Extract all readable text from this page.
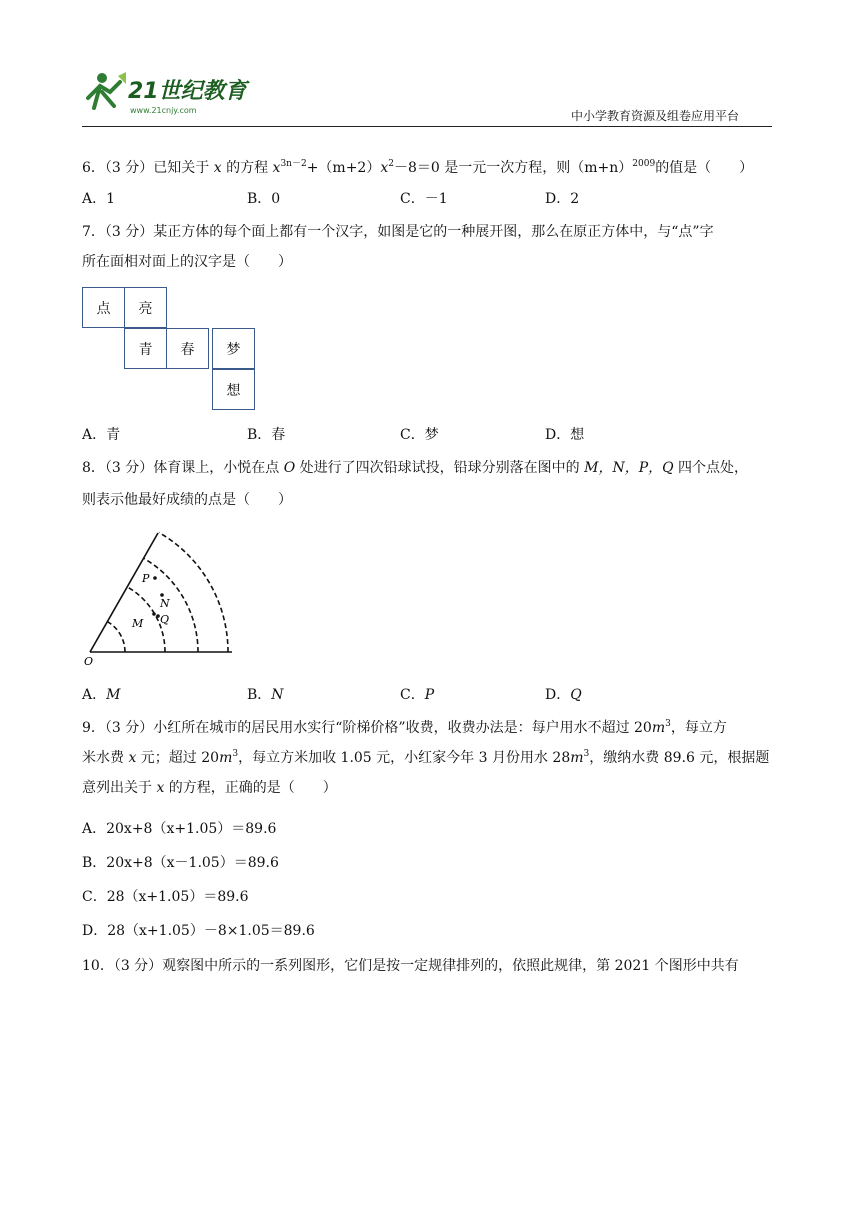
21世纪教育
www.21cnjy.com	中小学教育资源及组卷应用平台
6．（3 分）已知关于 x 的方程 $x^{3n-2}+(m+2)x^2-8=0$ 是一元一次方程，则$(m+n)^{2009}$的值是（　　）
A．1	B．0	C．－1	D．2
7．（3 分）某正方体的每个面上都有一个汉字，如图是它的一种展开图，那么在原正方体中，与“点”字
所在面相对面上的汉字是（　　）
点	亮
青	春	梦
想
A．青	B．春	C．梦	D．想
8．（3 分）体育课上，小悦在点 O 处进行了四次铅球试投，铅球分别落在图中的 M，N，P，Q 四个点处，
则表示他最好成绩的点是（　　）
O
P
N
M Q
A．M	B．N	C．P	D．Q
9．（3 分）小红所在城市的居民用水实行“阶梯价格”收费，收费办法是：每户用水不超过 $20m^3$，每立方
米水费 x 元；超过 $20m^3$，每立方米加收 1.05 元，小红家今年 3 月份用水 $28m^3$，缴纳水费 89.6 元，根据题
意列出关于 x 的方程，正确的是（　　）
A．20x+8（x+1.05）＝89.6
B．20x+8（x－1.05）＝89.6
C．28（x+1.05）＝89.6
D．28（x+1.05）－8×1.05＝89.6
10．（3 分）观察图中所示的一系列图形，它们是按一定规律排列的，依照此规律，第 2021 个图形中共有
